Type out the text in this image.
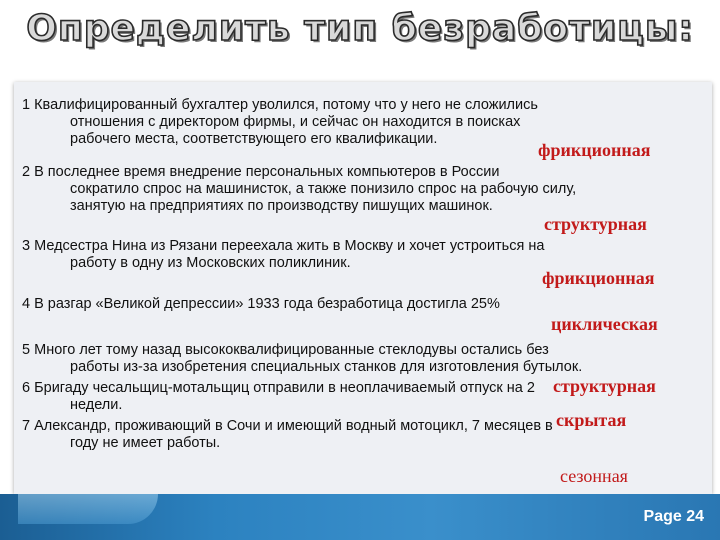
Определить тип безработицы:
1 Квалифицированный бухгалтер уволился, потому что у него не сложились
отношения с директором фирмы, и сейчас он находится в поисках
рабочего места, соответствующего его квалификации.
2 В последнее время внедрение персональных компьютеров в России
сократило спрос на машинисток, а также понизило спрос на рабочую силу,
занятую на предприятиях по производству пишущих машинок.
3 Медсестра Нина из Рязани переехала жить в Москву и хочет устроиться на
работу в одну из Московских поликлиник.
4 В разгар «Великой депрессии» 1933 года безработица достигла 25%
5 Много лет тому назад высококвалифицированные стеклодувы остались без
работы из-за изобретения специальных станков для изготовления бутылок.
6 Бригаду чесальщиц-мотальщиц отправили в неоплачиваемый отпуск на 2
недели.
7 Александр, проживающий в Сочи и имеющий водный мотоцикл, 7 месяцев в
году не имеет работы.
фрикционная
структурная
фрикционная
циклическая
структурная
скрытая
сезонная
Page 24
